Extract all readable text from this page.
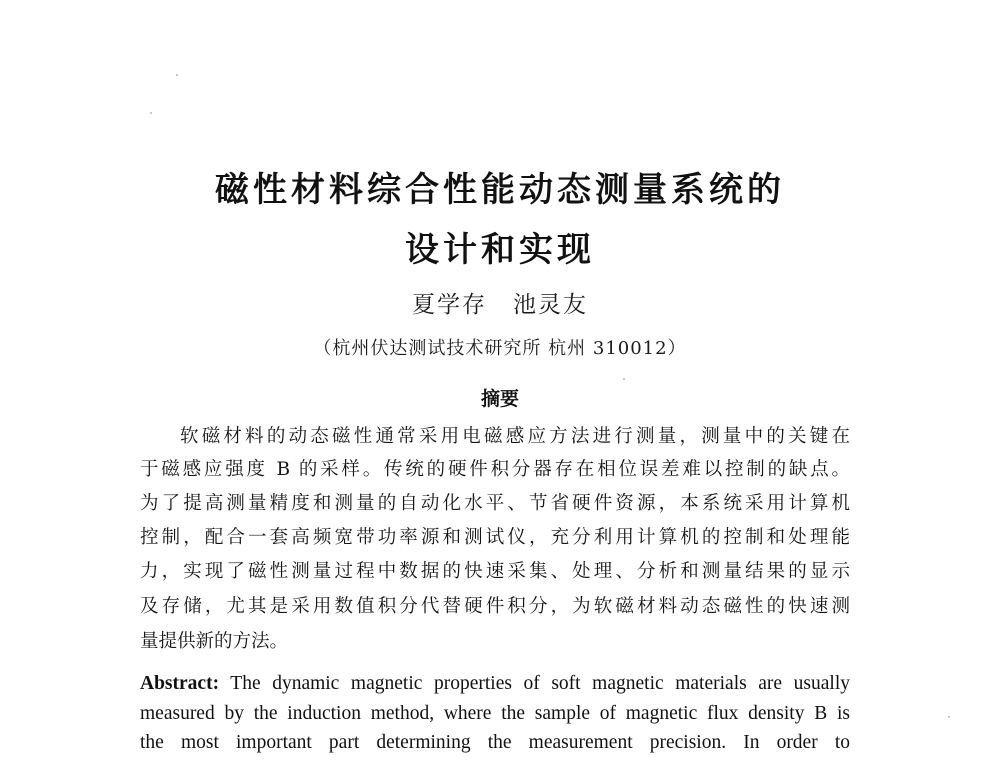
磁性材料综合性能动态测量系统的
设计和实现
夏学存 池灵友
（杭州伏达测试技术研究所 杭州 310012）
摘要
软磁材料的动态磁性通常采用电磁感应方法进行测量，测量中的关键在
于磁感应强度 B 的采样。传统的硬件积分器存在相位误差难以控制的缺点。
为了提高测量精度和测量的自动化水平、节省硬件资源，本系统采用计算机
控制，配合一套高频宽带功率源和测试仪，充分利用计算机的控制和处理能
力，实现了磁性测量过程中数据的快速采集、处理、分析和测量结果的显示
及存储，尤其是采用数值积分代替硬件积分，为软磁材料动态磁性的快速测
量提供新的方法。
Abstract: The dynamic magnetic properties of soft magnetic materials are usually
measured by the induction method, where the sample of magnetic flux density B is
the most important part determining the measurement precision. In order to
